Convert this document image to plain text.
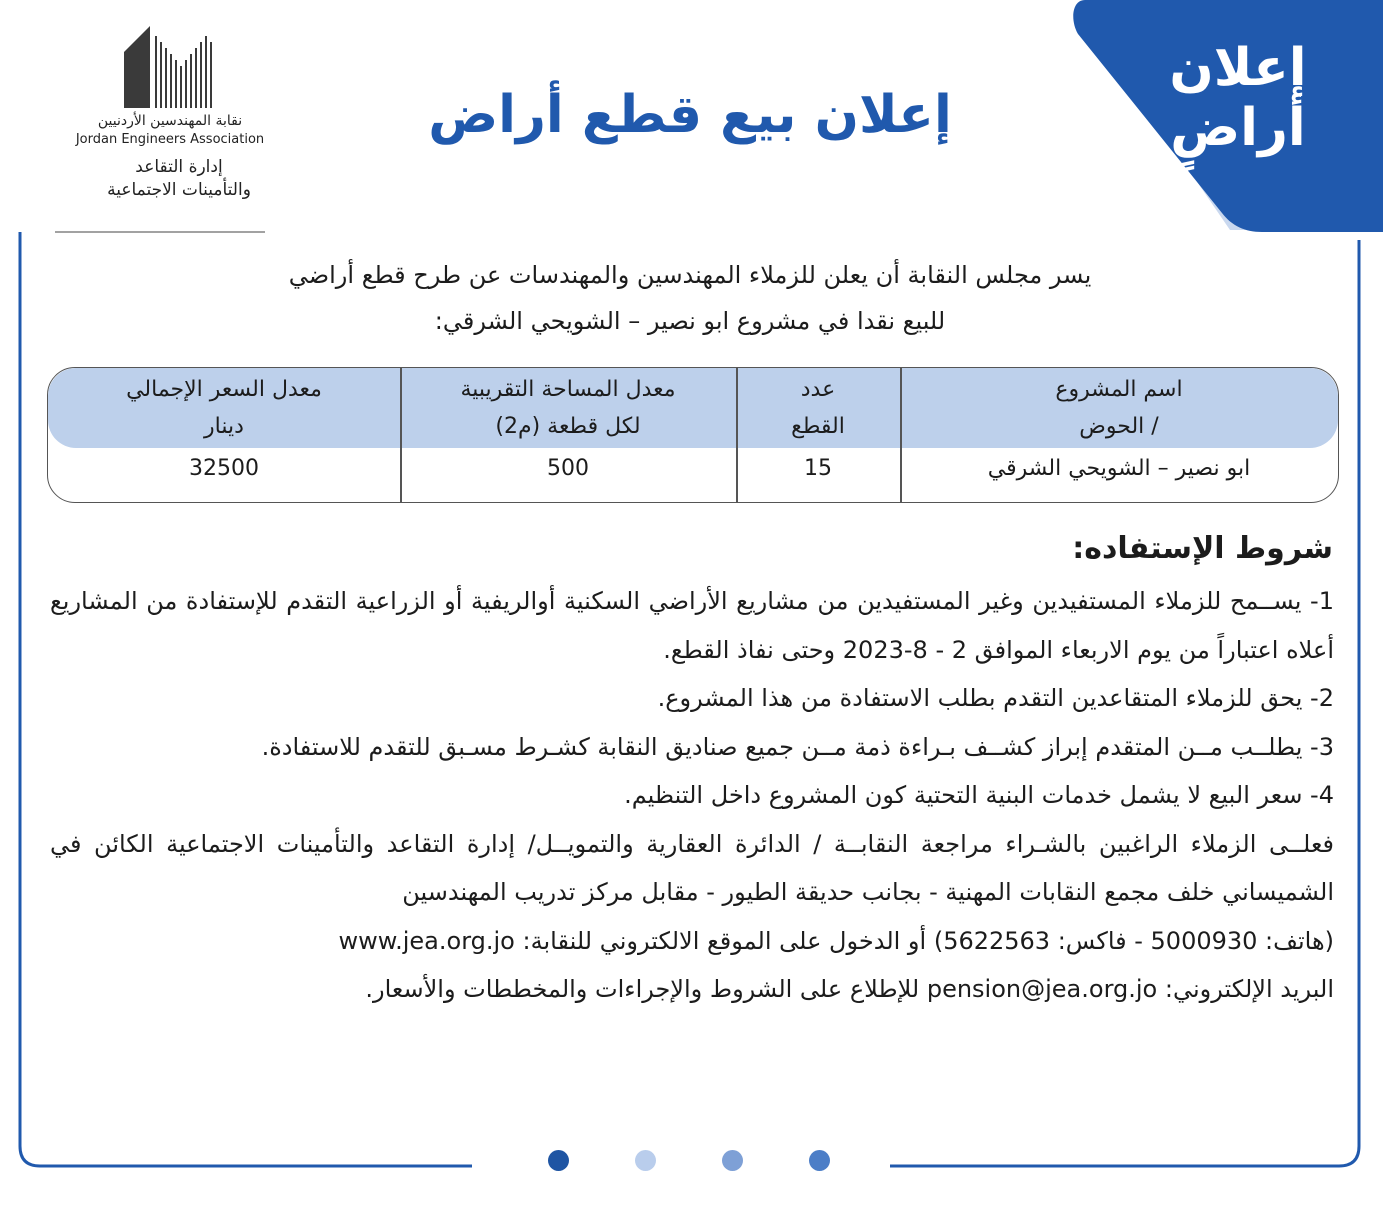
إعلان
أراضٍ
نقابة المهندسين الأردنيين
Jordan Engineers Association
إدارة التقاعد
والتأمينات الاجتماعية
إعلان بيع قطع أراض
يسر مجلس النقابة أن يعلن للزملاء المهندسين والمهندسات عن طرح قطع أراضي
للبيع نقدا في مشروع ابو نصير – الشويحي الشرقي:
اسم المشروع
/ الحوض
ابو نصير – الشويحي الشرقي
عدد
القطع
15
معدل المساحة التقريبية
لكل قطعة (م2)
500
معدل السعر الإجمالي
دينار
32500
شروط الإستفاده:

1- يســمح للزملاء المستفيدين وغير المستفيدين من مشاريع الأراضي السكنية أوالريفية أو الزراعية التقدم للإستفادة من المشاريع أعلاه اعتباراً من يوم الاربعاء الموافق 2 - 8-2023 وحتى نفاذ القطع.

2- يحق للزملاء المتقاعدين التقدم بطلب الاستفادة من هذا المشروع.

3- يطلــب مــن المتقدم إبراز كشــف بـراءة ذمة مــن جميع صناديق النقابة كشـرط مسـبق للتقدم للاستفادة.

4- سعر البيع لا يشمل خدمات البنية التحتية كون المشروع داخل التنظيم.

فعلــى الزملاء الراغبين بالشـراء مراجعة النقابــة / الدائرة العقارية والتمويــل/ إدارة التقاعد والتأمينات الاجتماعية الكائن في الشميساني خلف مجمع النقابات المهنية - بجانب حديقة الطيور - مقابل مركز تدريب المهندسين

(هاتف: 5000930 - فاكس: 5622563) أو الدخول على الموقع الالكتروني للنقابة: www.jea.org.jo

البريد الإلكتروني: pension@jea.org.jo للإطلاع على الشروط والإجراءات والمخططات والأسعار.
